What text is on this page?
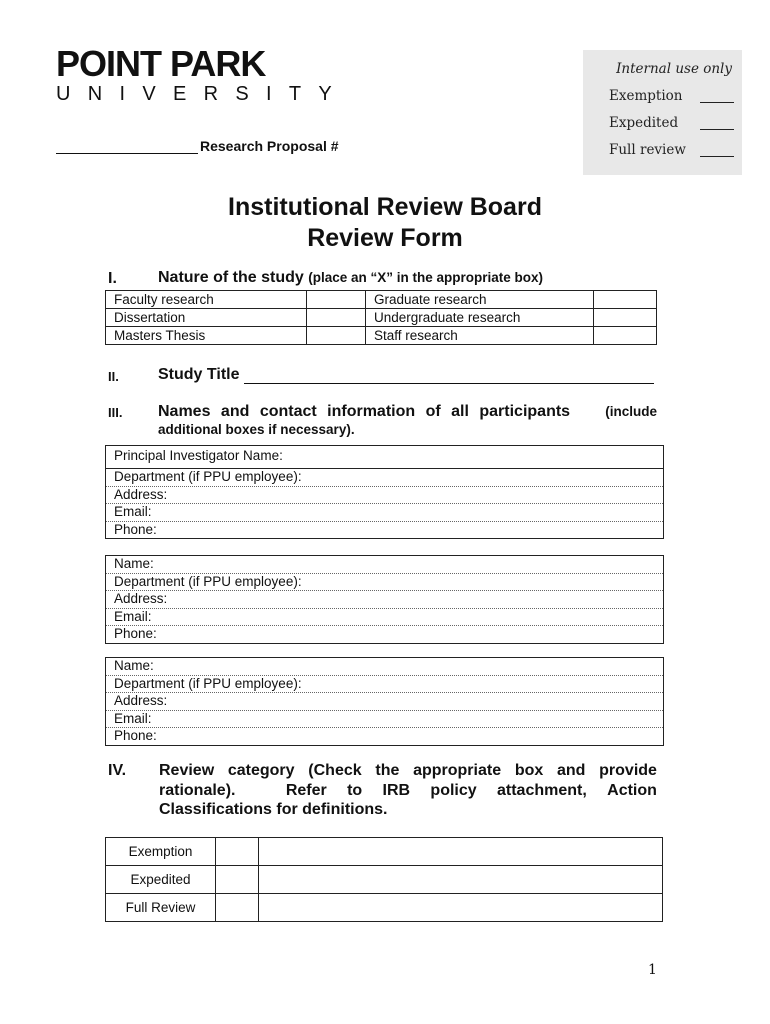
POINT PARK
UNIVERSITY
Research Proposal #
Internal use only
Exemption
Expedited
Full review
Institutional Review Board
Review Form
I.	Nature of the study (place an “X” in the appropriate box)
Faculty research		Graduate research	
Dissertation		Undergraduate research	
Masters Thesis		Staff research	
II. Study Title
III. Names and contact information of all participants	(include
additional boxes if necessary).
Principal Investigator Name:
Department (if PPU employee):
Address:
Email:
Phone:
Name:
Department (if PPU employee):
Address:
Email:
Phone:
Name:
Department (if PPU employee):
Address:
Email:
Phone:
IV. Review category (Check the appropriate box and provide
rationale).	Refer to IRB policy attachment, Action
Classifications for definitions.
Exemption		
Expedited		
Full Review		
1
